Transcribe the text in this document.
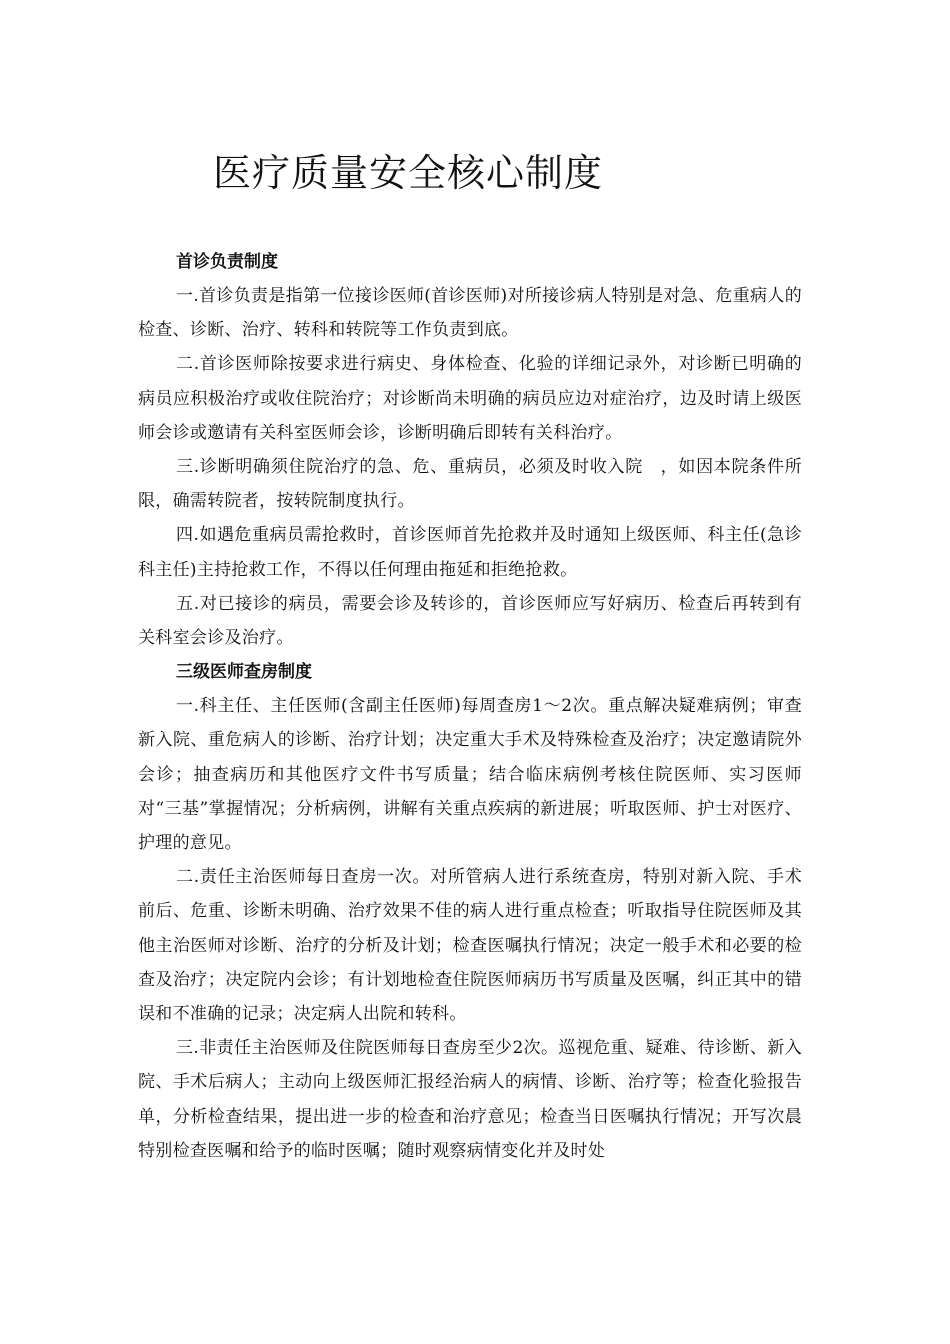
医疗质量安全核心制度
首诊负责制度

一.首诊负责是指第一位接诊医师(首诊医师)对所接诊病人特别是对急、危重病人的检查、诊断、治疗、转科和转院等工作负责到底。

二.首诊医师除按要求进行病史、身体检查、化验的详细记录外，对诊断已明确的病员应积极治疗或收住院治疗；对诊断尚未明确的病员应边对症治疗，边及时请上级医师会诊或邀请有关科室医师会诊，诊断明确后即转有关科治疗。

三.诊断明确须住院治疗的急、危、重病员，必须及时收入院　，如因本院条件所限，确需转院者，按转院制度执行。

四.如遇危重病员需抢救时，首诊医师首先抢救并及时通知上级医师、科主任(急诊科主任)主持抢救工作，不得以任何理由拖延和拒绝抢救。

五.对已接诊的病员，需要会诊及转诊的，首诊医师应写好病历、检查后再转到有关科室会诊及治疗。

三级医师查房制度

一.科主任、主任医师(含副主任医师)每周查房1～2次。重点解决疑难病例；审查新入院、重危病人的诊断、治疗计划；决定重大手术及特殊检查及治疗；决定邀请院外会诊；抽查病历和其他医疗文件书写质量；结合临床病例考核住院医师、实习医师对“三基”掌握情况；分析病例，讲解有关重点疾病的新进展；听取医师、护士对医疗、护理的意见。

二.责任主治医师每日查房一次。对所管病人进行系统查房，特别对新入院、手术前后、危重、诊断未明确、治疗效果不佳的病人进行重点检查；听取指导住院医师及其他主治医师对诊断、治疗的分析及计划；检查医嘱执行情况；决定一般手术和必要的检查及治疗；决定院内会诊；有计划地检查住院医师病历书写质量及医嘱，纠正其中的错误和不准确的记录；决定病人出院和转科。

三.非责任主治医师及住院医师每日查房至少2次。巡视危重、疑难、待诊断、新入院、手术后病人；主动向上级医师汇报经治病人的病情、诊断、治疗等；检查化验报告单，分析检查结果，提出进一步的检查和治疗意见；检查当日医嘱执行情况；开写次晨特别检查医嘱和给予的临时医嘱；随时观察病情变化并及时处
